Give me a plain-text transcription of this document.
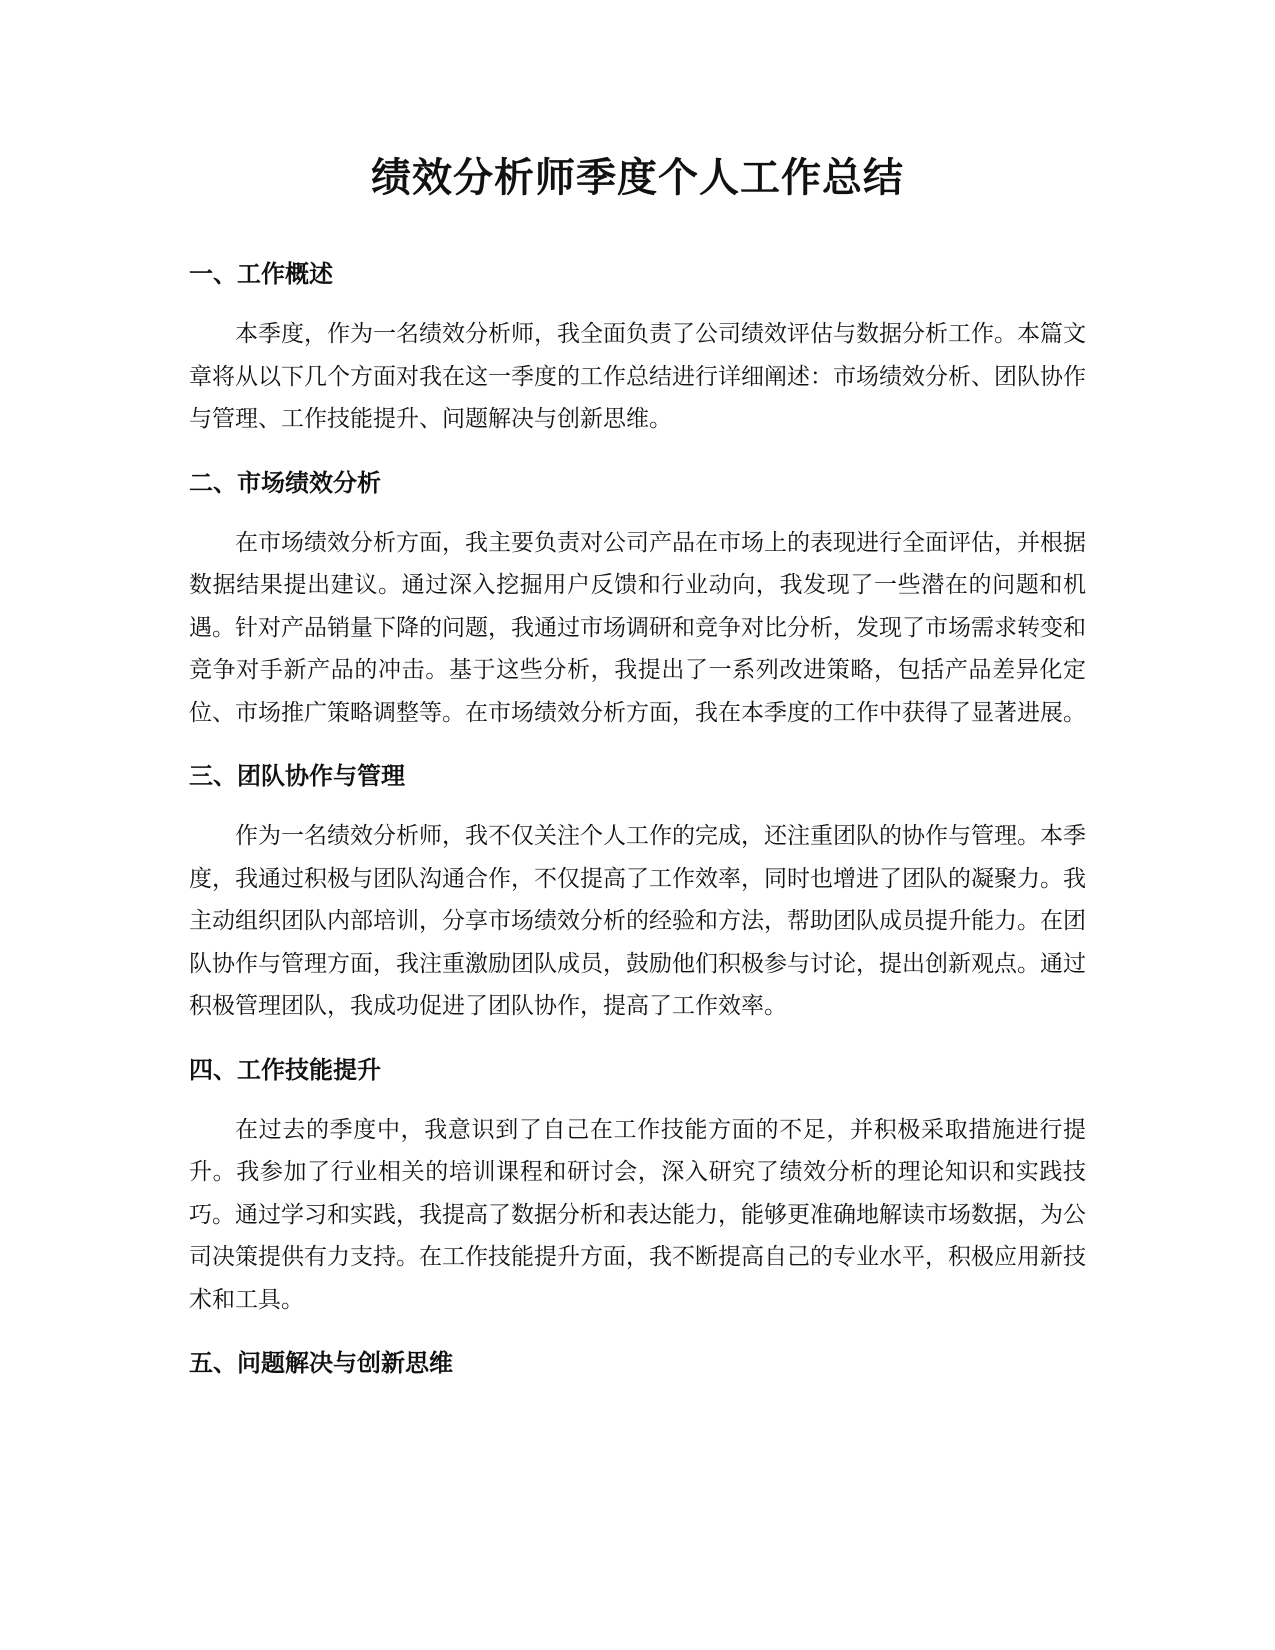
绩效分析师季度个人工作总结
一、工作概述

本季度，作为一名绩效分析师，我全面负责了公司绩效评估与数据分析工作。本篇文章将从以下几个方面对我在这一季度的工作总结进行详细阐述：市场绩效分析、团队协作与管理、工作技能提升、问题解决与创新思维。

二、市场绩效分析

在市场绩效分析方面，我主要负责对公司产品在市场上的表现进行全面评估，并根据数据结果提出建议。通过深入挖掘用户反馈和行业动向，我发现了一些潜在的问题和机遇。针对产品销量下降的问题，我通过市场调研和竞争对比分析，发现了市场需求转变和竞争对手新产品的冲击。基于这些分析，我提出了一系列改进策略，包括产品差异化定位、市场推广策略调整等。在市场绩效分析方面，我在本季度的工作中获得了显著进展。

三、团队协作与管理

作为一名绩效分析师，我不仅关注个人工作的完成，还注重团队的协作与管理。本季度，我通过积极与团队沟通合作，不仅提高了工作效率，同时也增进了团队的凝聚力。我主动组织团队内部培训，分享市场绩效分析的经验和方法，帮助团队成员提升能力。在团队协作与管理方面，我注重激励团队成员，鼓励他们积极参与讨论，提出创新观点。通过积极管理团队，我成功促进了团队协作，提高了工作效率。

四、工作技能提升

在过去的季度中，我意识到了自己在工作技能方面的不足，并积极采取措施进行提升。我参加了行业相关的培训课程和研讨会，深入研究了绩效分析的理论知识和实践技巧。通过学习和实践，我提高了数据分析和表达能力，能够更准确地解读市场数据，为公司决策提供有力支持。在工作技能提升方面，我不断提高自己的专业水平，积极应用新技术和工具。

五、问题解决与创新思维
